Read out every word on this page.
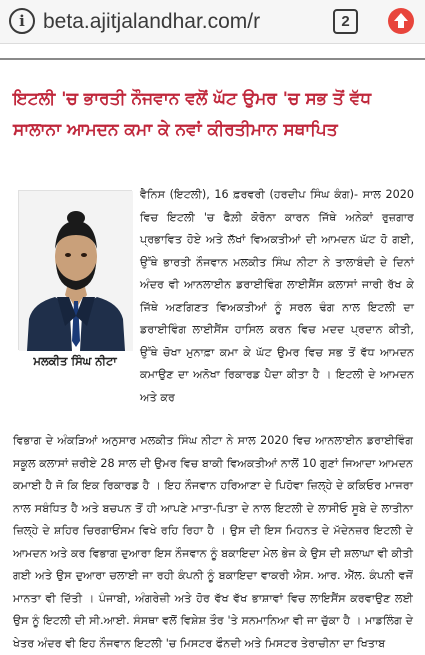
i beta.ajitjalandhar.com/r	2
ਇਟਲੀ 'ਚ ਭਾਰਤੀ ਨੌਜਵਾਨ ਵਲੋਂ ਘੱਟ ਉਮਰ 'ਚ ਸਭ ਤੋਂ ਵੱਧ ਸਾਲਾਨਾ ਆਮਦਨ ਕਮਾ ਕੇ ਨਵਾਂ ਕੀਰਤੀਮਾਨ ਸਥਾਪਿਤ
ਮਲਕੀਤ ਸਿੰਘ ਨੀਟਾ

ਵੈਨਿਸ (ਇਟਲੀ), 16 ਫ਼ਰਵਰੀ (ਹਰਦੀਪ ਸਿੰਘ ਕੰਗ)- ਸਾਲ 2020 ਵਿਚ ਇਟਲੀ 'ਚ ਫੈਲ਼ੀ ਕੋਰੋਨਾ ਕਾਰਨ ਜਿੱਥੇ ਅਨੇਕਾਂ ਰੁਜ਼ਗਾਰ ਪ੍ਰਭਾਵਿਤ ਹੋਏ ਅਤੇ ਲੱਖਾਂ ਵਿਅਕਤੀਆਂ ਦੀ ਆਮਦਨ ਘੱਟ ਹੋ ਗਈ, ਉੱਥੇ ਭਾਰਤੀ ਨੌਜਵਾਨ ਮਲਕੀਤ ਸਿੰਘ ਨੀਟਾ ਨੇ ਤਾਲਾਬੰਦੀ ਦੇ ਦਿਨਾਂ ਅੰਦਰ ਵੀ ਆਨਲਾਈਨ ਡਰਾਈਵਿੰਗ ਲਾਈਸੈਂਸ ਕਲਾਸਾਂ ਜਾਰੀ ਰੱਖ ਕੇ ਜਿੱਥੇ ਅਣਗਿਣਤ ਵਿਅਕਤੀਆਂ ਨੂੰ ਸਰਲ ਢੰਗ ਨਾਲ ਇਟਲੀ ਦਾ ਡਰਾਈਵਿੰਗ ਲਾਈਸੈਂਸ ਹਾਸਿਲ ਕਰਨ ਵਿਚ ਮਦਦ ਪ੍ਰਦਾਨ ਕੀਤੀ, ਉੱਥੇ ਚੋਖਾ ਮੁਨਾਫ਼ਾ ਕਮਾ ਕੇ ਘੱਟ ਉਮਰ ਵਿਚ ਸਭ ਤੋਂ ਵੱਧ ਆਮਦਨ ਕਮਾਉਣ ਦਾ ਅਨੋਖਾ ਰਿਕਾਰਡ ਪੈਦਾ ਕੀਤਾ ਹੈ । ਇਟਲੀ ਦੇ ਆਮਦਨ ਅਤੇ ਕਰ

ਵਿਭਾਗ ਦੇ ਅੰਕੜਿਆਂ ਅਨੁਸਾਰ ਮਲਕੀਤ ਸਿੰਘ ਨੀਟਾ ਨੇ ਸਾਲ 2020 ਵਿਚ ਆਨਲਾਈਨ ਡਰਾਈਵਿੰਗ ਸਕੂਲ ਕਲਾਸਾਂ ਜ਼ਰੀਏ 28 ਸਾਲ ਦੀ ਉਮਰ ਵਿਚ ਬਾਕੀ ਵਿਅਕਤੀਆਂ ਨਾਲੋਂ 10 ਗੁਣਾਂ ਜਿਆਦਾ ਆਮਦਨ ਕਮਾਈ ਹੈ ਜੋ ਕਿ ਇਕ ਰਿਕਾਰਡ ਹੈ । ਇਹ ਨੌਜਵਾਨ ਹਰਿਆਣਾ ਦੇ ਪਿਹੋਵਾ ਜ਼ਿਲ੍ਹੇ ਦੇ ਕਕਿਓਰ ਮਾਜਰਾ ਨਾਲ ਸਬੰਧਿਤ ਹੈ ਅਤੇ ਬਚਪਨ ਤੋਂ ਹੀ ਆਪਣੇ ਮਾਤਾ-ਪਿਤਾ ਦੇ ਨਾਲ ਇਟਲੀ ਦੇ ਲਾਸੀਓ ਸੂਬੇ ਦੇ ਲਾਤੀਨਾ ਜ਼ਿਲ੍ਹੇ ਦੇ ਸ਼ਹਿਰ ਚਿਰਗਾਓਂਸਮ ਵਿਖੇ ਰਹਿ ਰਿਹਾ ਹੈ । ਉਸ ਦੀ ਇਸ ਮਿਹਨਤ ਦੇ ਮੱਦੇਨਜ਼ਰ ਇਟਲੀ ਦੇ ਆਮਦਨ ਅਤੇ ਕਰ ਵਿਭਾਗ ਦੁਆਰਾ ਇਸ ਨੌਜਵਾਨ ਨੂੰ ਬਕਾਇਦਾ ਮੇਲ ਭੇਜ ਕੇ ਉਸ ਦੀ ਸ਼ਲਾਘਾ ਵੀ ਕੀਤੀ ਗਈ ਅਤੇ ਉਸ ਦੁਆਰਾ ਚਲਾਈ ਜਾ ਰਹੀ ਕੰਪਨੀ ਨੂੰ ਬਕਾਇਦਾ ਵਾਕਰੀ ਐਸ. ਆਰ. ਐੱਲ. ਕੰਪਨੀ ਵਜੋਂ ਮਾਨਤਾ ਵੀ ਦਿੱਤੀ । ਪੰਜਾਬੀ, ਅੰਗਰੇਜ਼ੀ ਅਤੇ ਹੋਰ ਵੱਖ ਵੱਖ ਭਾਸ਼ਾਵਾਂ ਵਿਚ ਲਾਇਸੈਂਸ ਕਰਵਾਉਣ ਲਈ ਉਸ ਨੂੰ ਇਟਲੀ ਦੀ ਸੀ.ਆਈ. ਸੰਸਥਾ ਵਲੋਂ ਵਿਸ਼ੇਸ਼ ਤੌਰ 'ਤੇ ਸਨਮਾਨਿਆ ਵੀ ਜਾ ਚੁੱਕਾ ਹੈ । ਮਾਡਲਿੰਗ ਦੇ ਖੇਤਰ ਅੰਦਰ ਵੀ ਇਹ ਨੌਜਵਾਨ ਇਟਲੀ 'ਚ ਮਿਸਟਰ ਫੌਨਦੀ ਅਤੇ ਮਿਸਟਰ ਤੇਰਾਚੀਨਾ ਦਾ ਖਿਤਾਬ
